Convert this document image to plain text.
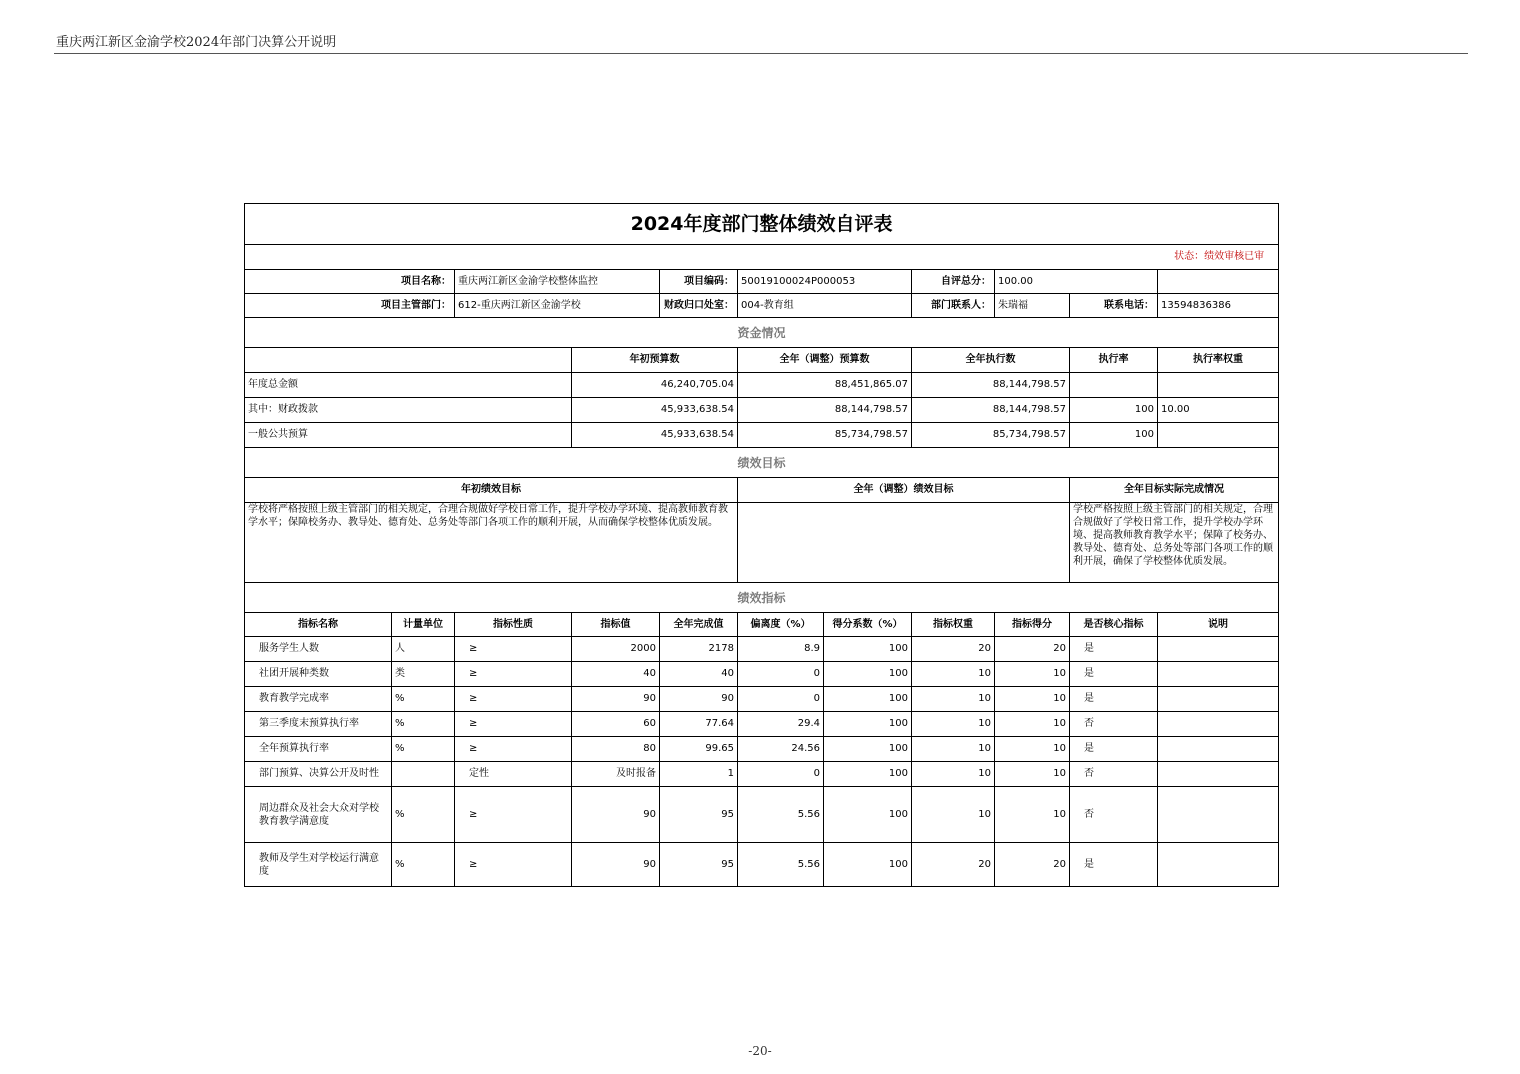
重庆两江新区金渝学校2024年部门决算公开说明
2024年度部门整体绩效自评表											
状态：绩效审核已审											
项目名称：		重庆两江新区金渝学校整体监控		项目编码：	50019100024P000053		自评总分：	100.00			
项目主管部门：		612-重庆两江新区金渝学校		财政归口处室：	004-教育组		部门联系人：	朱瑞福	联系电话：	13594836386	
资金情况											
			年初预算数		全年（调整）预算数		全年执行数		执行率	执行率权重	
年度总金额			46,240,705.04		88,451,865.07		88,144,798.57				
其中：财政拨款			45,933,638.54		88,144,798.57		88,144,798.57		100	10.00	
一般公共预算			45,933,638.54		85,734,798.57		85,734,798.57		100		
绩效目标											
年初绩效目标					全年（调整）绩效目标				全年目标实际完成情况		
学校将严格按照上级主管部门的相关规定，合理合规做好学校日常工作，提升学校办学环境、提高教师教育教学水平；保障校务办、教导处、德育处、总务处等部门各项工作的顺利开展，从而确保学校整体优质发展。									学校严格按照上级主管部门的相关规定，合理合规做好了学校日常工作，提升学校办学环境、提高教师教育教学水平；保障了校务办、教导处、德育处、总务处等部门各项工作的顺利开展，确保了学校整体优质发展。		
绩效指标											
指标名称	计量单位	指标性质	指标值	全年完成值	偏离度（%）	得分系数（%）	指标权重	指标得分	是否核心指标	说明	
服务学生人数	人	≥	2000	2178	8.9	100	20	20	是		
社团开展种类数	类	≥	40	40	0	100	10	10	是		
教育教学完成率	%	≥	90	90	0	100	10	10	是		
第三季度末预算执行率	%	≥	60	77.64	29.4	100	10	10	否		
全年预算执行率	%	≥	80	99.65	24.56	100	10	10	是		
部门预算、决算公开及时性		定性	及时报备	1	0	100	10	10	否		
周边群众及社会大众对学校教育教学满意度	%	≥	90	95	5.56	100	10	10	否		
教师及学生对学校运行满意度	%	≥	90	95	5.56	100	20	20	是		
-20-
